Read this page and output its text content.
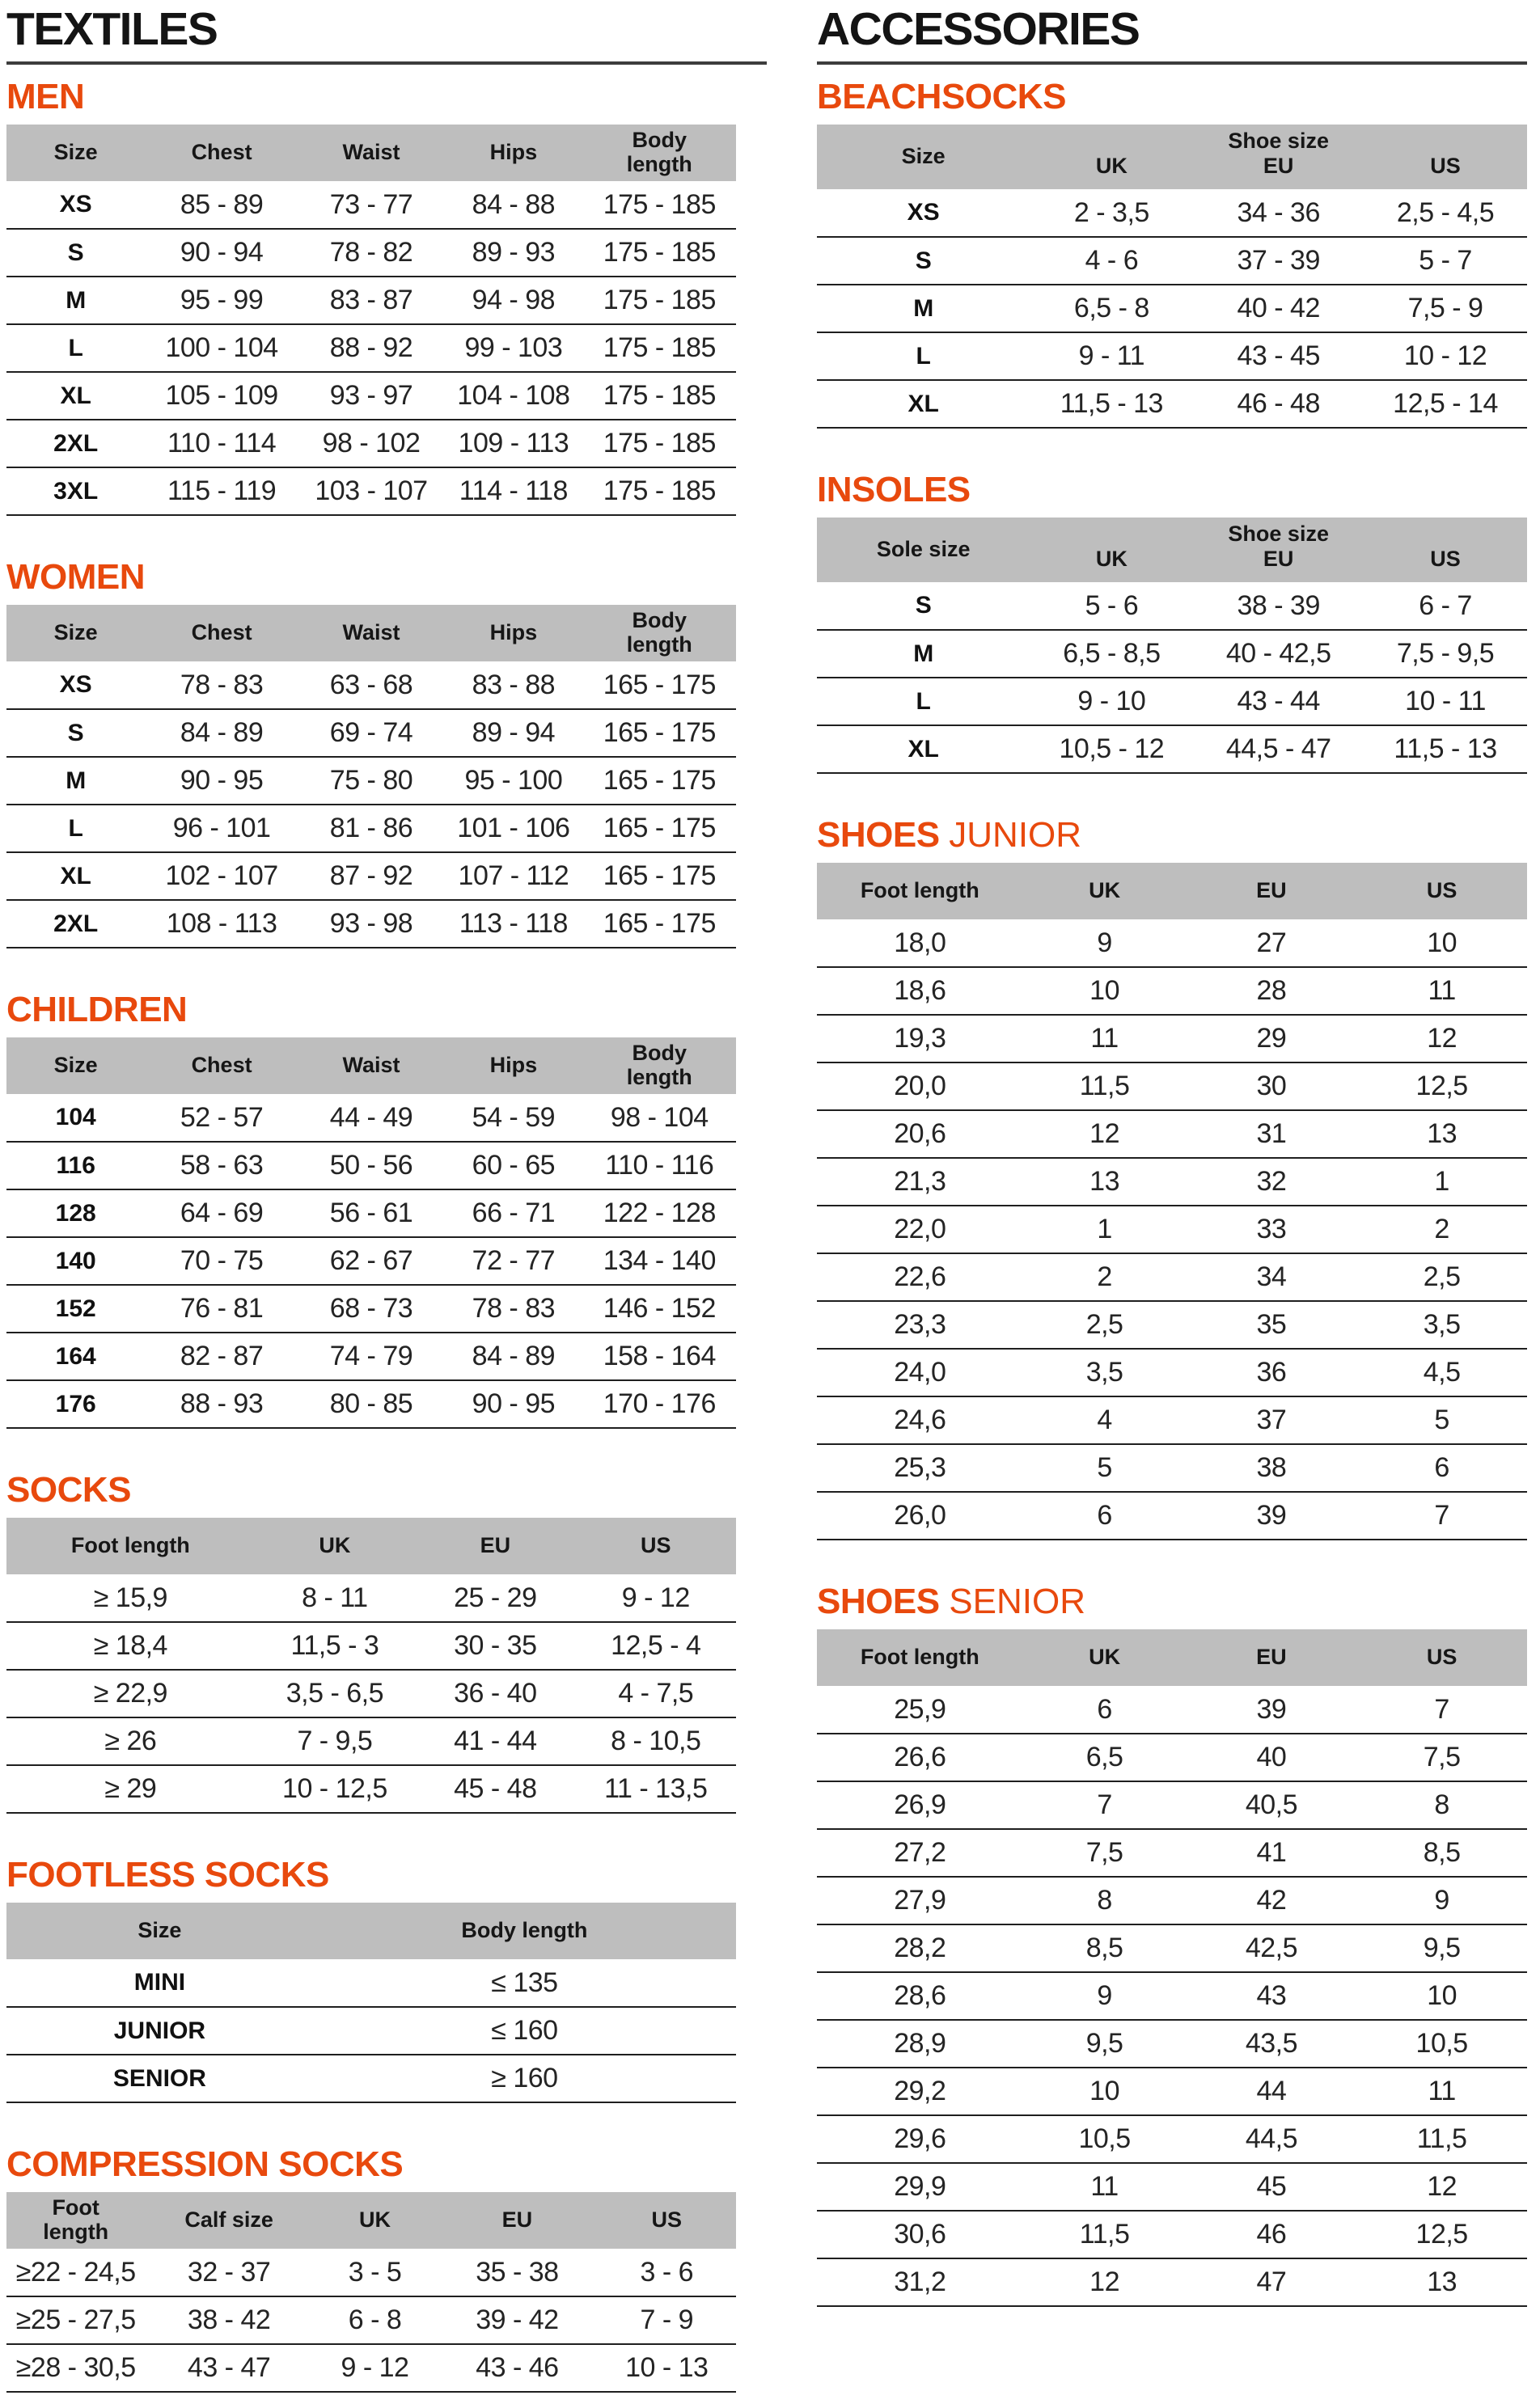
TEXTILES
MEN
Size	Chest	Waist	Hips	Body length
XS	85 - 89	73 - 77	84 - 88	175 - 185
S	90 - 94	78 - 82	89 - 93	175 - 185
M	95 - 99	83 - 87	94 - 98	175 - 185
L	100 - 104	88 - 92	99 - 103	175 - 185
XL	105 - 109	93 - 97	104 - 108	175 - 185
2XL	110 - 114	98 - 102	109 - 113	175 - 185
3XL	115 - 119	103 - 107	114 - 118	175 - 185
WOMEN
Size	Chest	Waist	Hips	Body length
XS	78 - 83	63 - 68	83 - 88	165 - 175
S	84 - 89	69 - 74	89 - 94	165 - 175
M	90 - 95	75 - 80	95 - 100	165 - 175
L	96 - 101	81 - 86	101 - 106	165 - 175
XL	102 - 107	87 - 92	107 - 112	165 - 175
2XL	108 - 113	93 - 98	113 - 118	165 - 175
CHILDREN
Size	Chest	Waist	Hips	Body length
104	52 - 57	44 - 49	54 - 59	98 - 104
116	58 - 63	50 - 56	60 - 65	110 - 116
128	64 - 69	56 - 61	66 - 71	122 - 128
140	70 - 75	62 - 67	72 - 77	134 - 140
152	76 - 81	68 - 73	78 - 83	146 - 152
164	82 - 87	74 - 79	84 - 89	158 - 164
176	88 - 93	80 - 85	90 - 95	170 - 176
SOCKS
Foot length	UK	EU	US
≥ 15,9	8 - 11	25 - 29	9 - 12
≥ 18,4	11,5 - 3	30 - 35	12,5 - 4
≥ 22,9	3,5 - 6,5	36 - 40	4 - 7,5
≥ 26	7 - 9,5	41 - 44	8 - 10,5
≥ 29	10 - 12,5	45 - 48	11 - 13,5
FOOTLESS SOCKS
Size	Body length
MINI	≤ 135
JUNIOR	≤ 160
SENIOR	≥ 160
COMPRESSION SOCKS
Foot length	Calf size	UK	EU	US
≥22 - 24,5	32 - 37	3 - 5	35 - 38	3 - 6
≥25 - 27,5	38 - 42	6 - 8	39 - 42	7 - 9
≥28 - 30,5	43 - 47	9 - 12	43 - 46	10 - 13
ACCESSORIES
BEACHSOCKS
Size	Shoe size		
	UK	EU	US
XS	2 - 3,5	34 - 36	2,5 - 4,5
S	4 - 6	37 - 39	5 - 7
M	6,5 - 8	40 - 42	7,5 - 9
L	9 - 11	43 - 45	10 - 12
XL	11,5 - 13	46 - 48	12,5 - 14
INSOLES
Sole size	Shoe size		
	UK	EU	US
S	5 - 6	38 - 39	6 - 7
M	6,5 - 8,5	40 - 42,5	7,5 - 9,5
L	9 - 10	43 - 44	10 - 11
XL	10,5 - 12	44,5 - 47	11,5 - 13
SHOES JUNIOR
Foot length	UK	EU	US
18,0	9	27	10
18,6	10	28	11
19,3	11	29	12
20,0	11,5	30	12,5
20,6	12	31	13
21,3	13	32	1
22,0	1	33	2
22,6	2	34	2,5
23,3	2,5	35	3,5
24,0	3,5	36	4,5
24,6	4	37	5
25,3	5	38	6
26,0	6	39	7
SHOES SENIOR
Foot length	UK	EU	US
25,9	6	39	7
26,6	6,5	40	7,5
26,9	7	40,5	8
27,2	7,5	41	8,5
27,9	8	42	9
28,2	8,5	42,5	9,5
28,6	9	43	10
28,9	9,5	43,5	10,5
29,2	10	44	11
29,6	10,5	44,5	11,5
29,9	11	45	12
30,6	11,5	46	12,5
31,2	12	47	13
